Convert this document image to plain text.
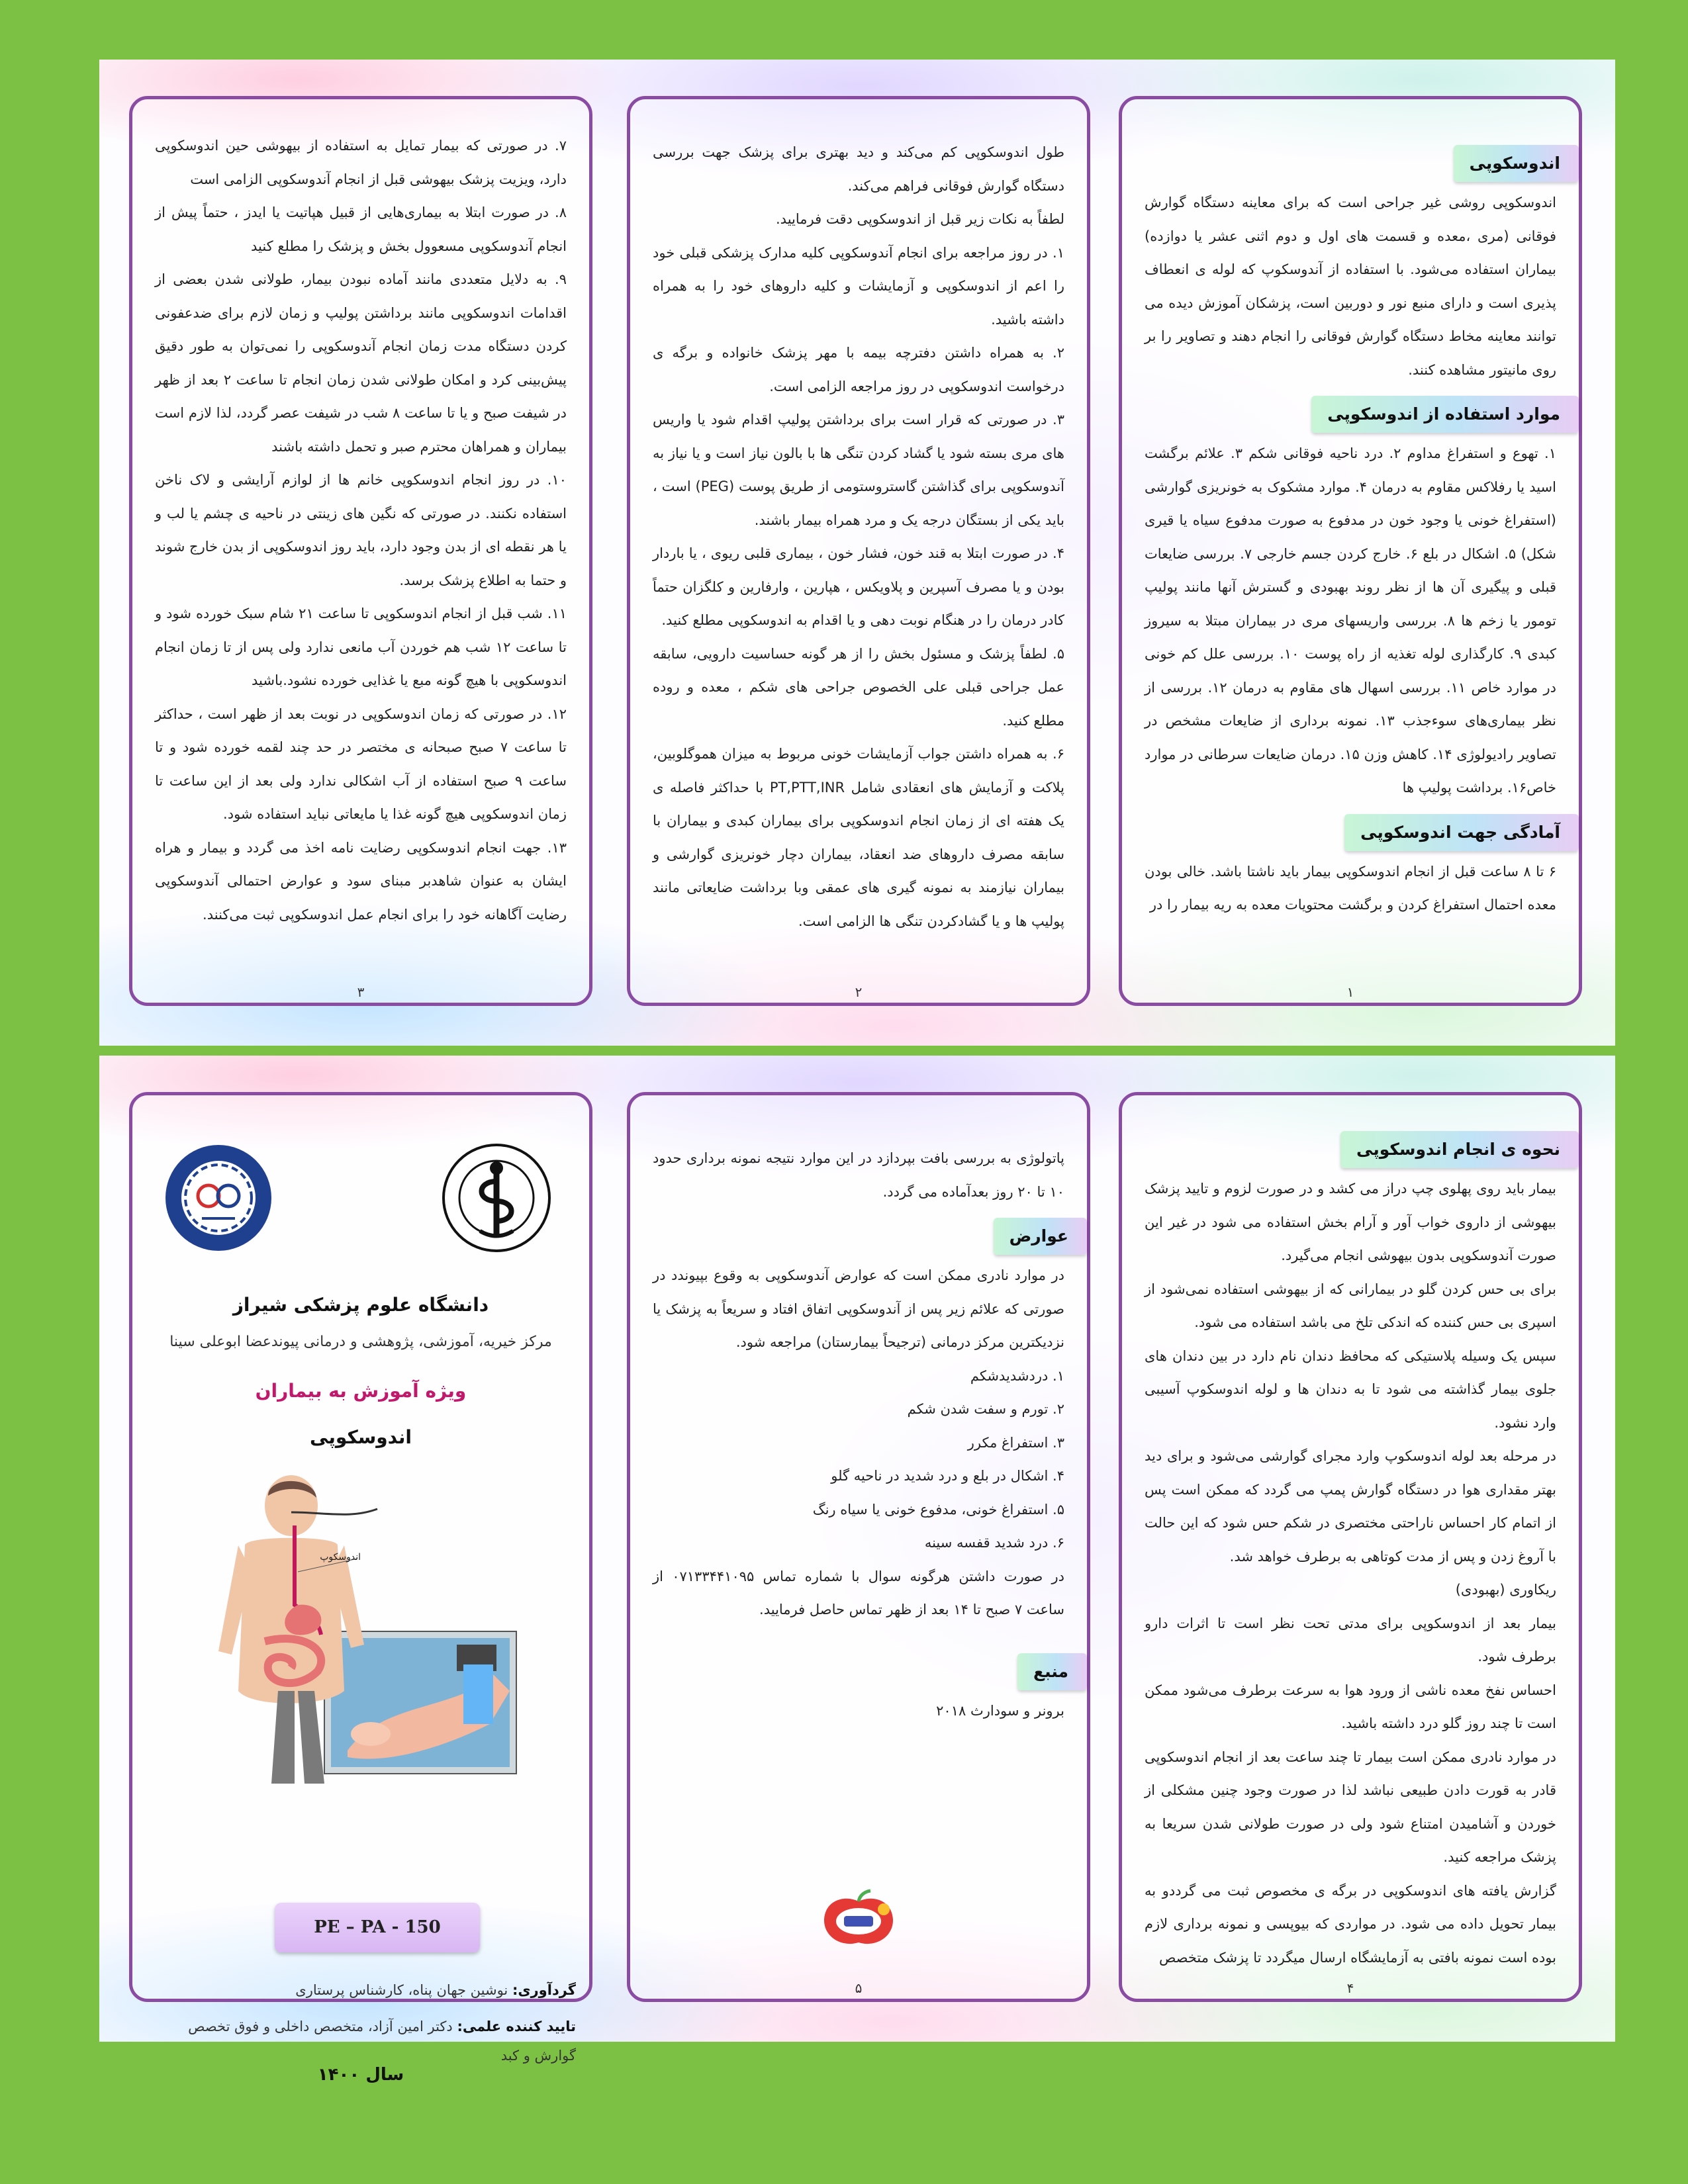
اندوسکوپی

اندوسکوپی روشی غیر جراحی است که برای معاینه دستگاه گوارش فوقانی (مری ،معده و قسمت های اول و دوم اثنی عشر یا دوازده) بیماران استفاده می‌شود. با استفاده از آندوسکوپ که لوله ی انعطاف پذیری است و دارای منبع نور و دوربین است، پزشکان آموزش دیده می توانند معاینه مخاط دستگاه گوارش فوقانی را انجام دهند و تصاویر را بر روی مانیتور مشاهده کنند.

موارد استفاده از اندوسکوپی

۱. تهوع و استفراغ مداوم ۲. درد ناحیه فوقانی شکم ۳. علائم برگشت اسید یا رفلاکس مقاوم به درمان ۴. موارد مشکوک به خونریزی گوارشی (استفراغ خونی یا وجود خون در مدفوع به صورت مدفوع سیاه یا قیری شکل) ۵. اشکال در بلع ۶. خارج کردن جسم خارجی ۷. بررسی ضایعات قبلی و پیگیری آن ها از نظر روند بهبودی و گسترش آنها مانند پولیپ تومور یا زخم ها ۸. بررسی واریسهای مری در بیماران مبتلا به سیروز کبدی ۹. کارگذاری لوله تغذیه از راه پوست ۱۰. بررسی علل کم خونی در موارد خاص ۱۱. بررسی اسهال های مقاوم به درمان ۱۲. بررسی از نظر بیماری‌های سوءجذب ۱۳. نمونه برداری از ضایعات مشخص در تصاویر رادیولوژی ۱۴. کاهش وزن ۱۵. درمان ضایعات سرطانی در موارد خاص۱۶. برداشت پولیپ ها

آمادگی جهت اندوسکوپی

۶ تا ۸ ساعت قبل از انجام اندوسکوپی بیمار باید ناشتا باشد. خالی بودن معده احتمال استفراغ کردن و برگشت محتویات معده به ریه بیمار را در

۱

طول اندوسکوپی کم می‌کند و دید بهتری برای پزشک جهت بررسی دستگاه گوارش فوقانی فراهم می‌کند.

لطفاً به نکات زیر قبل از اندوسکوپی دقت فرمایید.

۱. در روز مراجعه برای انجام آندوسکوپی کلیه مدارک پزشکی قبلی خود را اعم از اندوسکوپی و آزمایشات و کلیه داروهای خود را به همراه داشته باشید.

۲. به همراه داشتن دفترچه بیمه با مهر پزشک خانواده و برگه ی درخواست اندوسکوپی در روز مراجعه الزامی است.

۳. در صورتی که قرار است برای برداشتن پولیپ اقدام شود یا واریس های مری بسته شود یا گشاد کردن تنگی ها با بالون نیاز است و یا نیاز به آندوسکوپی برای گذاشتن گاستروستومی از طریق پوست (PEG) است ، باید یکی از بستگان درجه یک و مرد همراه بیمار باشند.

۴. در صورت ابتلا به قند خون، فشار خون ، بیماری قلبی ریوی ، یا باردار بودن و یا مصرف آسپرین و پلاویکس ، هپارین ، وارفارین و کلگزان حتماً کادر درمان را در هنگام نوبت دهی و یا اقدام به اندوسکوپی مطلع کنید.

۵. لطفاً پزشک و مسئول بخش را از هر گونه حساسیت دارویی، سابقه عمل جراحی قبلی علی الخصوص جراحی های شکم ، معده و روده مطلع کنید.

۶. به همراه داشتن جواب آزمایشات خونی مربوط به میزان هموگلوبین، پلاکت و آزمایش های انعقادی شامل PT,PTT,INR با حداکثر فاصله ی یک هفته ای از زمان انجام اندوسکوپی برای بیماران کبدی و بیماران با سابقه مصرف داروهای ضد انعقاد، بیماران دچار خونریزی گوارشی و بیماران نیازمند به نمونه گیری های عمقی وبا برداشت ضایعاتی مانند پولیپ ها و یا گشادکردن تنگی ها الزامی است.

۲

۷. در صورتی که بیمار تمایل به استفاده از بیهوشی حین اندوسکوپی دارد، ویزیت پزشک بیهوشی قبل از انجام آندوسکوپی الزامی است

۸. در صورت ابتلا به بیماری‌هایی از قبیل هپاتیت یا ایدز ، حتماً پیش از انجام آندوسکوپی مسعوول بخش و پزشک را مطلع کنید

۹. به دلایل متعددی مانند آماده نبودن بیمار، طولانی شدن بعضی از اقدامات اندوسکوپی مانند برداشتن پولیپ و زمان لازم برای ضدعفونی کردن دستگاه مدت زمان انجام آندوسکوپی را نمی‌توان به طور دقیق پیش‌بینی کرد و امکان طولانی شدن زمان انجام تا ساعت ۲ بعد از ظهر در شیفت صبح و یا تا ساعت ۸ شب در شیفت عصر گردد، لذا لازم است بیماران و همراهان محترم صبر و تحمل داشته باشند

۱۰. در روز انجام اندوسکوپی خانم ها از لوازم آرایشی و لاک ناخن استفاده نکنند. در صورتی که نگین های زینتی در ناحیه ی چشم یا لب و یا هر نقطه ای از بدن وجود دارد، باید روز اندوسکوپی از بدن خارج شوند و حتما به اطلاع پزشک برسد.

۱۱. شب قبل از انجام اندوسکوپی تا ساعت ۲۱ شام سبک خورده شود و تا ساعت ۱۲ شب هم خوردن آب مانعی ندارد ولی پس از تا زمان انجام اندوسکوپی با هیچ گونه مبع یا غذایی خورده نشود.باشید

۱۲. در صورتی که زمان اندوسکوپی در نوبت بعد از ظهر است ، حداکثر تا ساعت ۷ صبح صبحانه ی مختصر در حد چند لقمه خورده شود و تا ساعت ۹ صبح استفاده از آب اشکالی ندارد ولی بعد از این ساعت تا زمان اندوسکوپی هیچ گونه غذا یا مایعاتی نباید استفاده شود.

۱۳. جهت انجام اندوسکوپی رضایت نامه اخذ می گردد و بیمار و هراه ایشان به عنوان شاهدبر مبنای سود و عوارض احتمالی آندوسکوپی رضایت آگاهانه خود را برای انجام عمل اندوسکوپی ثبت می‌کنند.

۳
نحوه ی انجام اندوسکوپی

بیمار باید روی پهلوی چپ دراز می کشد و در صورت لزوم و تایید پزشک بیهوشی از داروی خواب آور و آرام بخش استفاده می شود در غیر این صورت آندوسکوپی بدون بیهوشی انجام می‌گیرد.

برای بی حس کردن گلو در بیمارانی که از بیهوشی استفاده نمی‌شود از اسپری بی حس کننده که اندکی تلخ می باشد استفاده می شود.

سپس یک وسیله پلاستیکی که محافظ دندان نام دارد در بین دندان های جلوی بیمار گذاشته می شود تا به دندان ها و لوله اندوسکوپ آسیبی وارد نشود.

در مرحله بعد لوله اندوسکوپ وارد مجرای گوارشی می‌شود و برای دید بهتر مقداری هوا در دستگاه گوارش پمپ می گردد که ممکن است پس از اتمام کار احساس ناراحتی مختصری در شکم حس شود که این حالت با آروغ زدن و پس از مدت کوتاهی به برطرف خواهد شد.

ریکاوری (بهبودی)

بیمار بعد از اندوسکوپی برای مدتی تحت نظر است تا اثرات دارو برطرف شود.

احساس نفخ معده ناشی از ورود هوا به سرعت برطرف می‌شود ممکن است تا چند روز گلو درد داشته باشید.

در موارد نادری ممکن است بیمار تا چند ساعت بعد از انجام اندوسکوپی قادر به قورت دادن طبیعی نباشد لذا در صورت وجود چنین مشکلی از خوردن و آشامیدن امتناع شود ولی در صورت طولانی شدن سریعا به پزشک مراجعه کنید.

گزارش یافته های اندوسکوپی در برگه ی مخصوص ثبت می گرددو به بیمار تحویل داده می شود. در مواردی که بیوپسی و نمونه برداری لازم بوده است نمونه بافتی به آزمایشگاه ارسال میگردد تا پزشک متخصص

۴

پاتولوژی به بررسی بافت بپردازد در این موارد نتیجه نمونه برداری حدود ۱۰ تا ۲۰ روز بعدآماده می گردد.

عوارض

در موارد نادری ممکن است که عوارض آندوسکوپی به وقوع بپیوندد در صورتی که علائم زیر پس از آندوسکوپی اتفاق افتاد و سریعاً به پزشک یا نزدیکترین مرکز درمانی (ترجیحاً بیمارستان) مراجعه شود.

۱. دردشدیدشکم

۲. تورم و سفت شدن شکم

۳. استفراغ مکرر

۴. اشکال در بلع و درد شدید در ناحیه گلو

۵. استفراغ خونی، مدفوع خونی یا سیاه رنگ

۶. درد شدید قفسه سینه

در صورت داشتن هرگونه سوال با شماره تماس ۰۷۱۳۳۴۴۱۰۹۵ از ساعت ۷ صبح تا ۱۴ بعد از ظهر تماس حاصل فرمایید.

منبع

برونر و سودارث ۲۰۱۸

۵
دانشگاه علوم پزشکی شیراز
مرکز خیریه، آموزشی، پژوهشی و درمانی پیوندعضا ابوعلی سینا
ویژه آموزش به بیماران
اندوسکوپی
اندوسکوپ
PE – PA - 150
گردآوری: نوشین جهان پناه، کارشناس پرستاری
تایید کننده علمی: دکتر امین آزاد، متخصص داخلی و فوق تخصص گوارش و کبد
سال ۱۴۰۰
